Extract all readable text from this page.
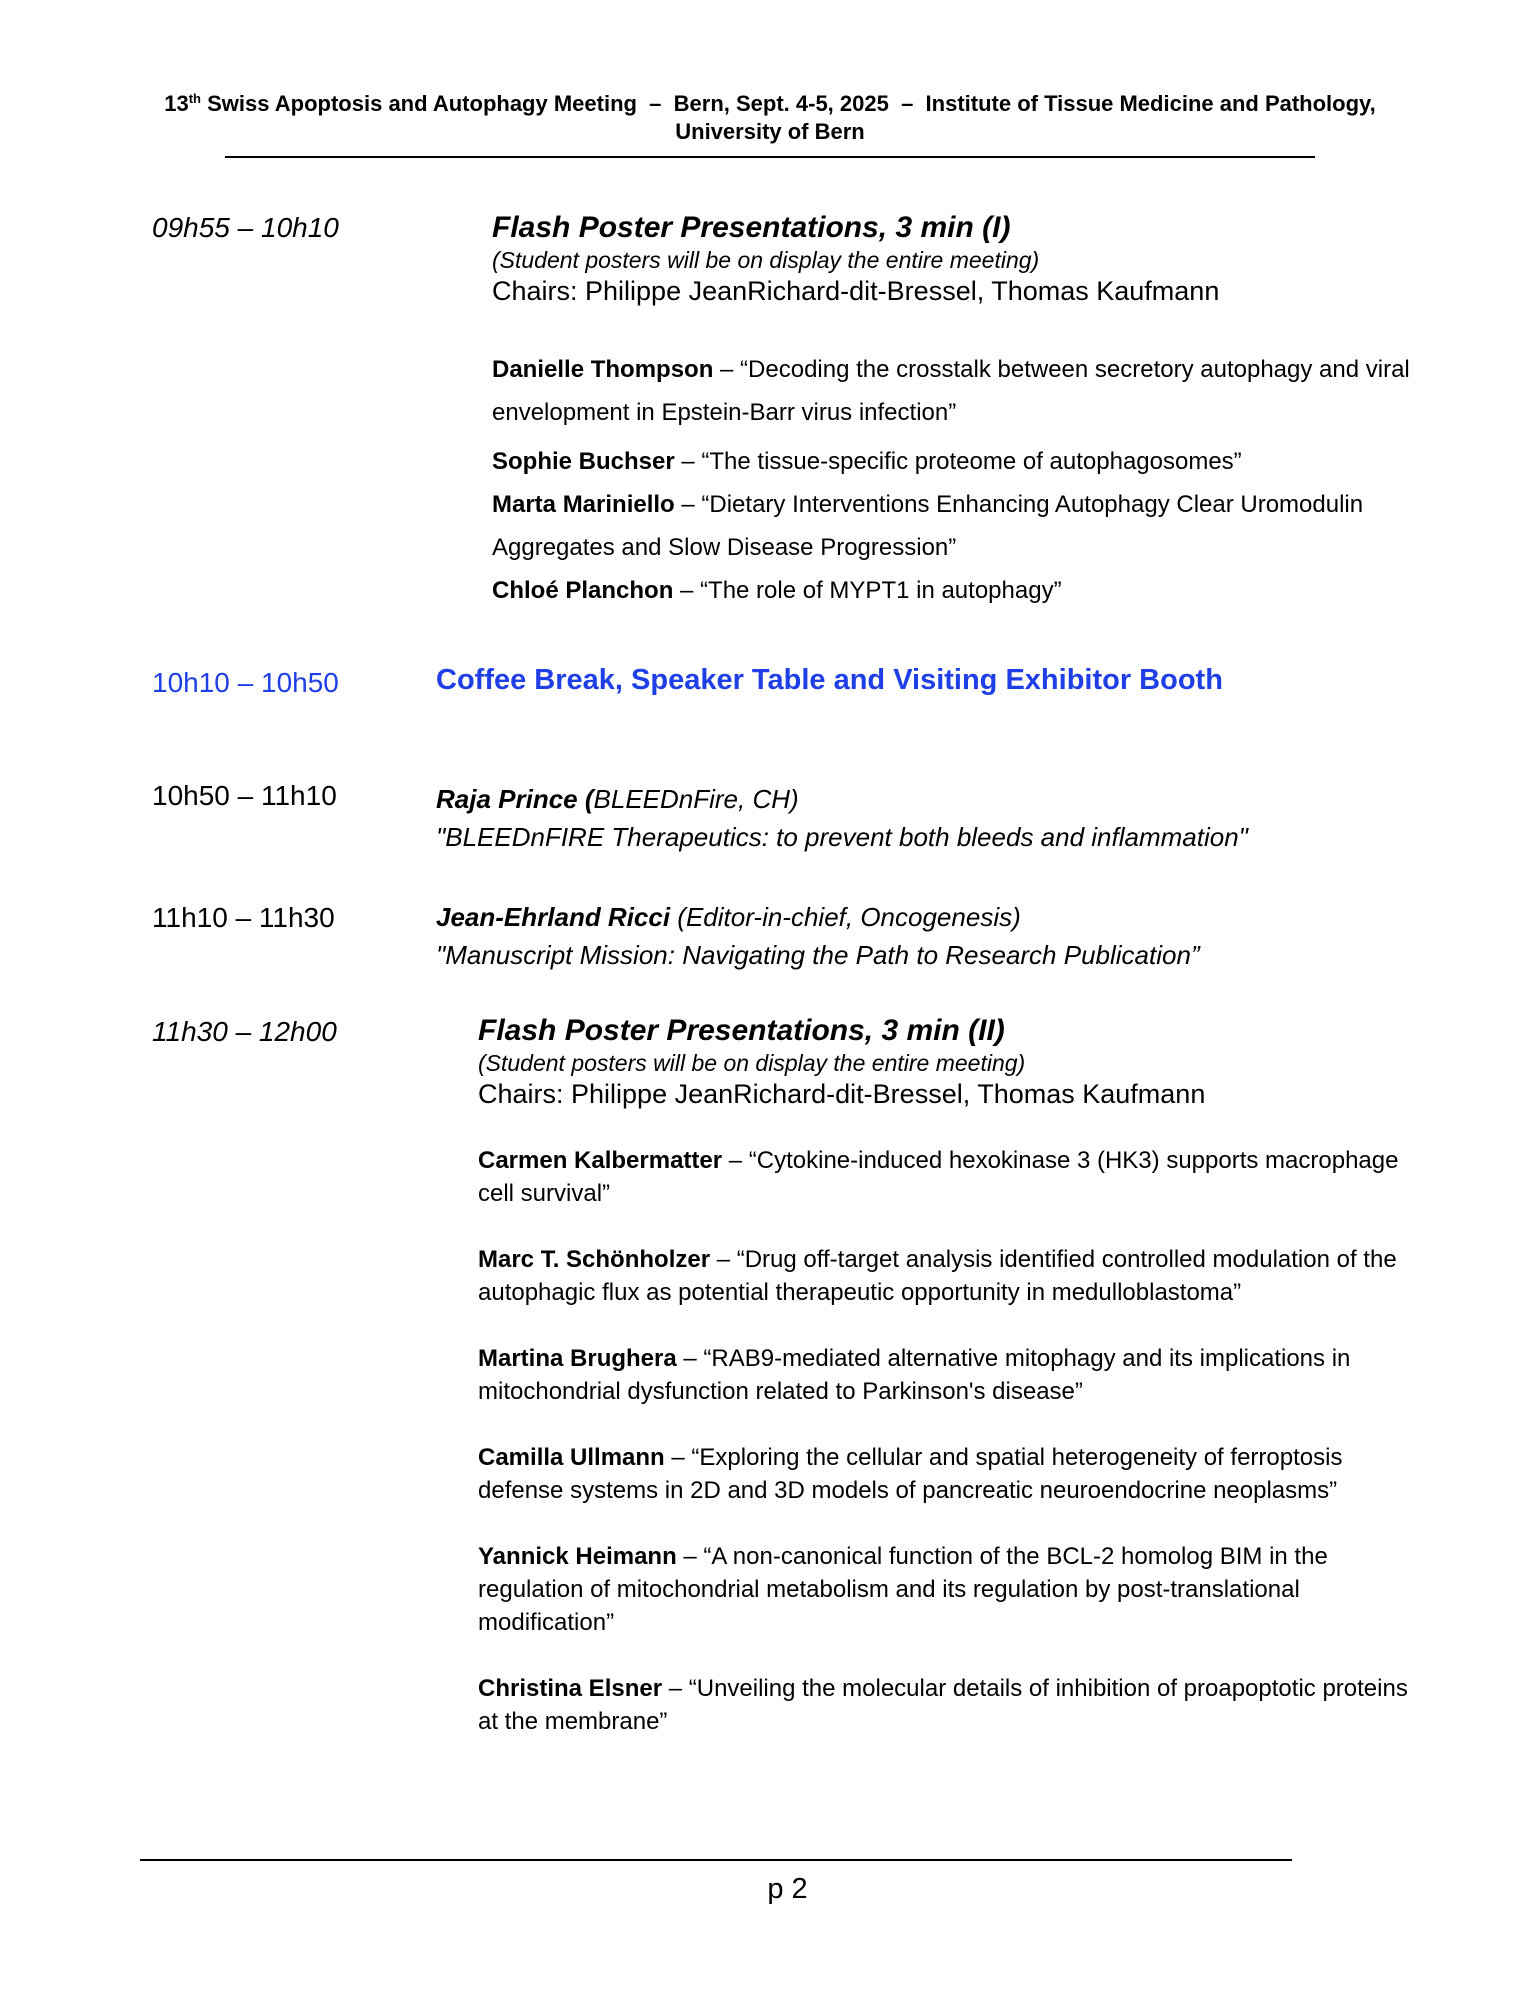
13th Swiss Apoptosis and Autophagy Meeting  –  Bern, Sept. 4-5, 2025  –  Institute of Tissue Medicine and Pathology,
University of Bern
09h55 – 10h10	Flash Poster Presentations, 3 min (I)
(Student posters will be on display the entire meeting)
Chairs: Philippe JeanRichard-dit-Bressel, Thomas Kaufmann
Danielle Thompson – “Decoding the crosstalk between secretory autophagy and viral envelopment in Epstein-Barr virus infection”
Sophie Buchser – “The tissue-specific proteome of autophagosomes”
Marta Mariniello – “Dietary Interventions Enhancing Autophagy Clear Uromodulin Aggregates and Slow Disease Progression”
Chloé Planchon – “The role of MYPT1 in autophagy”
10h10 – 10h50	Coffee Break, Speaker Table and Visiting Exhibitor Booth
10h50 – 11h10	Raja Prince (BLEEDnFire, CH)
"BLEEDnFIRE Therapeutics: to prevent both bleeds and inflammation"
11h10 – 11h30	Jean-Ehrland Ricci (Editor-in-chief, Oncogenesis)
"Manuscript Mission: Navigating the Path to Research Publication”
11h30 – 12h00	Flash Poster Presentations, 3 min (II)
(Student posters will be on display the entire meeting)
Chairs: Philippe JeanRichard-dit-Bressel, Thomas Kaufmann
Carmen Kalbermatter – “Cytokine-induced hexokinase 3 (HK3) supports macrophage cell survival”
Marc T. Schönholzer – “Drug off-target analysis identified controlled modulation of the autophagic flux as potential therapeutic opportunity in medulloblastoma”
Martina Brughera – “RAB9-mediated alternative mitophagy and its implications in mitochondrial dysfunction related to Parkinson's disease”
Camilla Ullmann – “Exploring the cellular and spatial heterogeneity of ferroptosis defense systems in 2D and 3D models of pancreatic neuroendocrine neoplasms”
Yannick Heimann – “A non-canonical function of the BCL-2 homolog BIM in the regulation of mitochondrial metabolism and its regulation by post-translational modification”
Christina Elsner – “Unveiling the molecular details of inhibition of proapoptotic proteins at the membrane”
p 2
